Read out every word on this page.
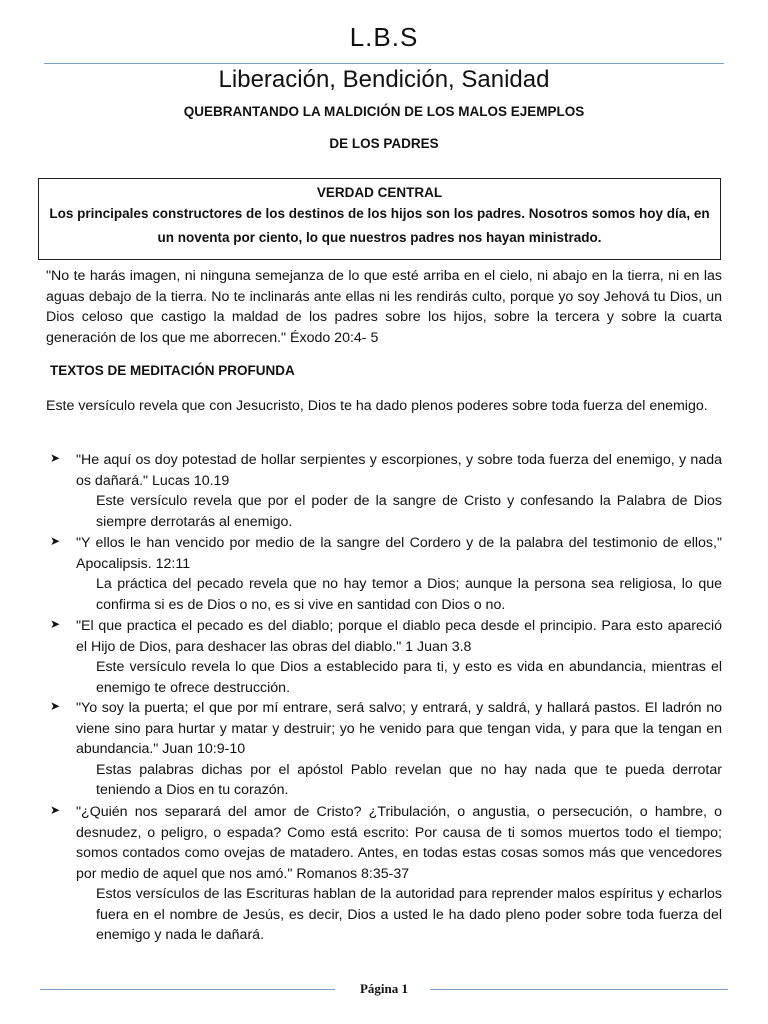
L.B.S
Liberación, Bendición, Sanidad
QUEBRANTANDO LA MALDICIÓN DE LOS MALOS EJEMPLOS
DE LOS PADRES
VERDAD CENTRAL
Los principales constructores de los destinos de los hijos son los padres. Nosotros somos hoy día, en un noventa por ciento, lo que nuestros padres nos hayan ministrado.
"No te harás imagen, ni ninguna semejanza de lo que esté arriba en el cielo, ni abajo en la tierra, ni en las aguas debajo de la tierra. No te inclinarás ante ellas ni les rendirás culto, porque yo soy Jehová tu Dios, un Dios celoso que castigo la maldad de los padres sobre los hijos, sobre la tercera y sobre la cuarta generación de los que me aborrecen." Éxodo 20:4- 5
TEXTOS DE MEDITACIÓN PROFUNDA
Este versículo revela que con Jesucristo, Dios te ha dado plenos poderes sobre toda fuerza del enemigo.
➤ "He aquí os doy potestad de hollar serpientes y escorpiones, y sobre toda fuerza del enemigo, y nada os dañará." Lucas 10.19
Este versículo revela que por el poder de la sangre de Cristo y confesando la Palabra de Dios siempre derrotarás al enemigo.
➤ "Y ellos le han vencido por medio de la sangre del Cordero y de la palabra del testimonio de ellos," Apocalipsis. 12:11
La práctica del pecado revela que no hay temor a Dios; aunque la persona sea religiosa, lo que confirma si es de Dios o no, es si vive en santidad con Dios o no.
➤ "El que practica el pecado es del diablo; porque el diablo peca desde el principio. Para esto apareció el Hijo de Dios, para deshacer las obras del diablo." 1 Juan 3.8
Este versículo revela lo que Dios a establecido para ti, y esto es vida en abundancia, mientras el enemigo te ofrece destrucción.
➤ "Yo soy la puerta; el que por mí entrare, será salvo; y entrará, y saldrá, y hallará pastos. El ladrón no viene sino para hurtar y matar y destruir; yo he venido para que tengan vida, y para que la tengan en abundancia." Juan 10:9-10
Estas palabras dichas por el apóstol Pablo revelan que no hay nada que te pueda derrotar teniendo a Dios en tu corazón.
➤ "¿Quién nos separará del amor de Cristo? ¿Tribulación, o angustia, o persecución, o hambre, o desnudez, o peligro, o espada? Como está escrito: Por causa de ti somos muertos todo el tiempo; somos contados como ovejas de matadero. Antes, en todas estas cosas somos más que vencedores por medio de aquel que nos amó." Romanos 8:35-37
Estos versículos de las Escrituras hablan de la autoridad para reprender malos espíritus y echarlos fuera en el nombre de Jesús, es decir, Dios a usted le ha dado pleno poder sobre toda fuerza del enemigo y nada le dañará.
Página 1
